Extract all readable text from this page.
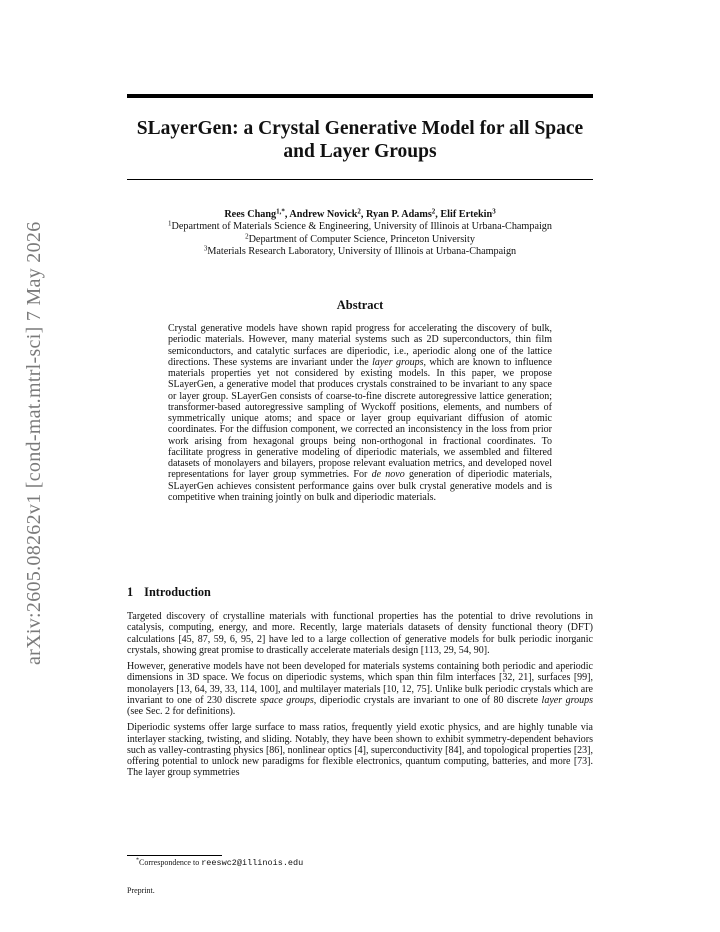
arXiv:2605.08262v1 [cond-mat.mtrl-sci] 7 May 2026
SLayerGen: a Crystal Generative Model for all Space and Layer Groups
Rees Chang$^{1,*}$, Andrew Novick$^2$, Ryan P. Adams$^2$, Elif Ertekin$^3$
$^1$Department of Materials Science & Engineering, University of Illinois at Urbana-Champaign
$^2$Department of Computer Science, Princeton University
$^3$Materials Research Laboratory, University of Illinois at Urbana-Champaign
Abstract

Crystal generative models have shown rapid progress for accelerating the discovery of bulk, periodic materials. However, many material systems such as 2D superconductors, thin film semiconductors, and catalytic surfaces are diperiodic, i.e., aperiodic along one of the lattice directions. These systems are invariant under the layer groups, which are known to influence materials properties yet not considered by existing models. In this paper, we propose SLayerGen, a generative model that produces crystals constrained to be invariant to any space or layer group. SLayerGen consists of coarse-to-fine discrete autoregressive lattice generation; transformer-based autoregressive sampling of Wyckoff positions, elements, and numbers of symmetrically unique atoms; and space or layer group equivariant diffusion of atomic coordinates. For the diffusion component, we corrected an inconsistency in the loss from prior work arising from hexagonal groups being non-orthogonal in fractional coordinates. To facilitate progress in generative modeling of diperiodic materials, we assembled and filtered datasets of monolayers and bilayers, propose relevant evaluation metrics, and developed novel representations for layer group symmetries. For de novo generation of diperiodic materials, SLayerGen achieves consistent performance gains over bulk crystal generative models and is competitive when training jointly on bulk and diperiodic materials.

1 Introduction

Targeted discovery of crystalline materials with functional properties has the potential to drive revolutions in catalysis, computing, energy, and more. Recently, large materials datasets of density functional theory (DFT) calculations [45, 87, 59, 6, 95, 2] have led to a large collection of generative models for bulk periodic inorganic crystals, showing great promise to drastically accelerate materials design [113, 29, 54, 90].

However, generative models have not been developed for materials systems containing both periodic and aperiodic dimensions in 3D space. We focus on diperiodic systems, which span thin film interfaces [32, 21], surfaces [99], monolayers [13, 64, 39, 33, 114, 100], and multilayer materials [10, 12, 75]. Unlike bulk periodic crystals which are invariant to one of 230 discrete space groups, diperiodic crystals are invariant to one of 80 discrete layer groups (see Sec. 2 for definitions).

Diperiodic systems offer large surface to mass ratios, frequently yield exotic physics, and are highly tunable via interlayer stacking, twisting, and sliding. Notably, they have been shown to exhibit symmetry-dependent behaviors such as valley-contrasting physics [86], nonlinear optics [4], superconductivity [84], and topological properties [23], offering potential to unlock new paradigms for flexible electronics, quantum computing, batteries, and more [73]. The layer group symmetries

*Correspondence to reeswc2@illinois.edu
Preprint.
